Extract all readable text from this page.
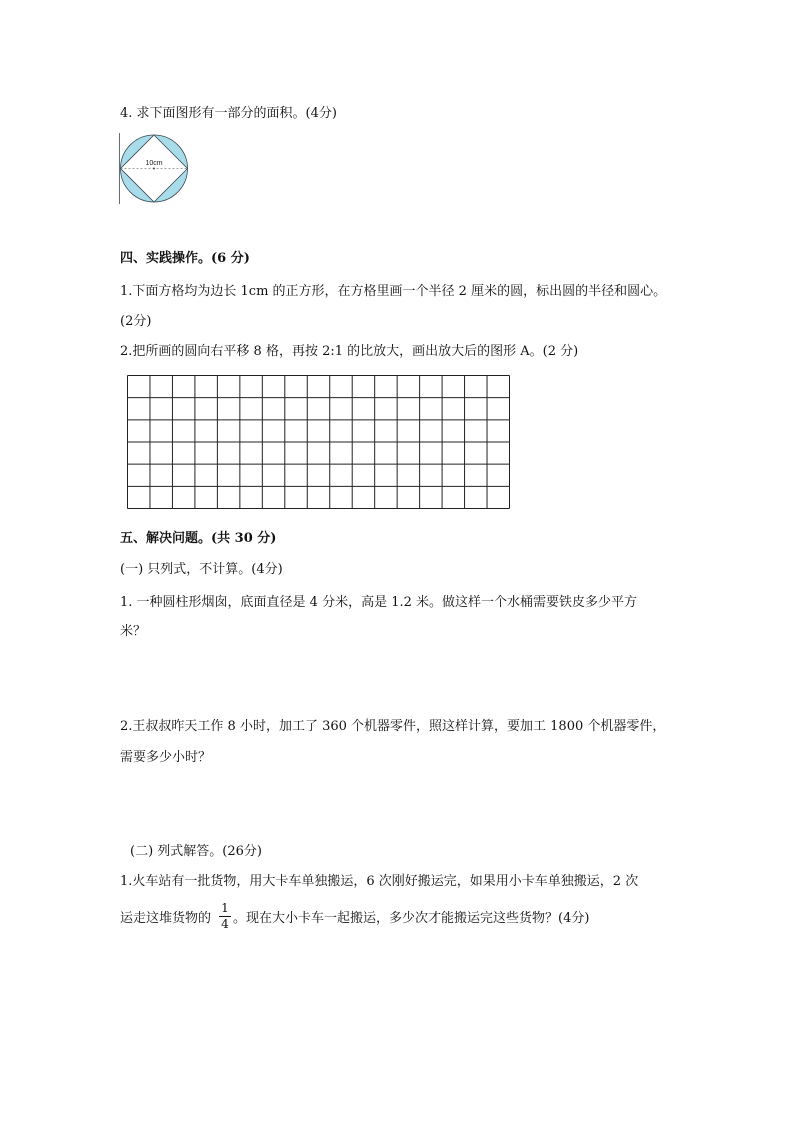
4. 求下面图形有一部分的面积。(4分)
10cm
四、实践操作。(6 分)
1.下面方格均为边长 1cm 的正方形，在方格里画一个半径 2 厘米的圆，标出圆的半径和圆心。
(2分)
2.把所画的圆向右平移 8 格，再按 2:1 的比放大，画出放大后的图形 A。(2 分)
五、解决问题。(共 30 分)
(一) 只列式，不计算。(4分)
1. 一种圆柱形烟囱，底面直径是 4 分米，高是 1.2 米。做这样一个水桶需要铁皮多少平方
米？
2.王叔叔昨天工作 8 小时，加工了 360 个机器零件，照这样计算，要加工 1800 个机器零件，
需要多少小时？
(二) 列式解答。(26分)
1.火车站有一批货物，用大卡车单独搬运，6 次刚好搬运完，如果用小卡车单独搬运，2 次
运走这堆货物的 $\frac{1}{4}$ 。现在大小卡车一起搬运，多少次才能搬运完这些货物？(4分)
